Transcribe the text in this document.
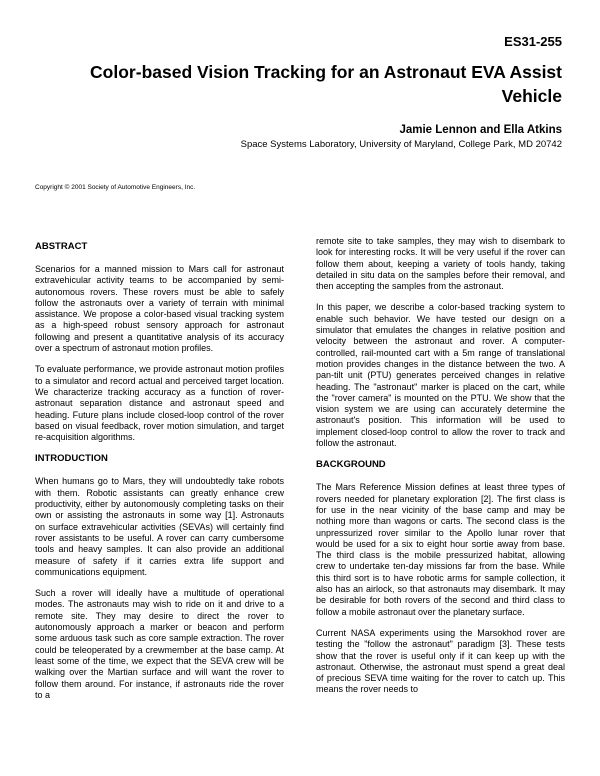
ES31-255
Color-based Vision Tracking for an Astronaut EVA Assist Vehicle
Jamie Lennon and Ella Atkins
Space Systems Laboratory, University of Maryland, College Park, MD 20742
Copyright © 2001 Society of Automotive Engineers, Inc.
ABSTRACT

Scenarios for a manned mission to Mars call for astronaut extravehicular activity teams to be accompanied by semi-autonomous rovers. These rovers must be able to safely follow the astronauts over a variety of terrain with minimal assistance. We propose a color-based visual tracking system as a high-speed robust sensory approach for astronaut following and present a quantitative analysis of its accuracy over a spectrum of astronaut motion profiles.

To evaluate performance, we provide astronaut motion profiles to a simulator and record actual and perceived target location. We characterize tracking accuracy as a function of rover-astronaut separation distance and astronaut speed and heading. Future plans include closed-loop control of the rover based on visual feedback, rover motion simulation, and target re-acquisition algorithms.

INTRODUCTION

When humans go to Mars, they will undoubtedly take robots with them. Robotic assistants can greatly enhance crew productivity, either by autonomously completing tasks on their own or assisting the astronauts in some way [1]. Astronauts on surface extravehicular activities (SEVAs) will certainly find rover assistants to be useful. A rover can carry cumbersome tools and heavy samples. It can also provide an additional measure of safety if it carries extra life support and communications equipment.

Such a rover will ideally have a multitude of operational modes. The astronauts may wish to ride on it and drive to a remote site. They may desire to direct the rover to autonomously approach a marker or beacon and perform some arduous task such as core sample extraction. The rover could be teleoperated by a crewmember at the base camp. At least some of the time, we expect that the SEVA crew will be walking over the Martian surface and will want the rover to follow them around. For instance, if astronauts ride the rover to a

remote site to take samples, they may wish to disembark to look for interesting rocks. It will be very useful if the rover can follow them about, keeping a variety of tools handy, taking detailed in situ data on the samples before their removal, and then accepting the samples from the astronaut.

In this paper, we describe a color-based tracking system to enable such behavior. We have tested our design on a simulator that emulates the changes in relative position and velocity between the astronaut and rover. A computer-controlled, rail-mounted cart with a 5m range of translational motion provides changes in the distance between the two. A pan-tilt unit (PTU) generates perceived changes in relative heading. The "astronaut" marker is placed on the cart, while the "rover camera" is mounted on the PTU. We show that the vision system we are using can accurately determine the astronaut's position. This information will be used to implement closed-loop control to allow the rover to track and follow the astronaut.

BACKGROUND

The Mars Reference Mission defines at least three types of rovers needed for planetary exploration [2]. The first class is for use in the near vicinity of the base camp and may be nothing more than wagons or carts. The second class is the unpressurized rover similar to the Apollo lunar rover that would be used for a six to eight hour sortie away from base. The third class is the mobile pressurized habitat, allowing crew to undertake ten-day missions far from the base. While this third sort is to have robotic arms for sample collection, it also has an airlock, so that astronauts may disembark. It may be desirable for both rovers of the second and third class to follow a mobile astronaut over the planetary surface.

Current NASA experiments using the Marsokhod rover are testing the "follow the astronaut" paradigm [3]. These tests show that the rover is useful only if it can keep up with the astronaut. Otherwise, the astronaut must spend a great deal of precious SEVA time waiting for the rover to catch up. This means the rover needs to
